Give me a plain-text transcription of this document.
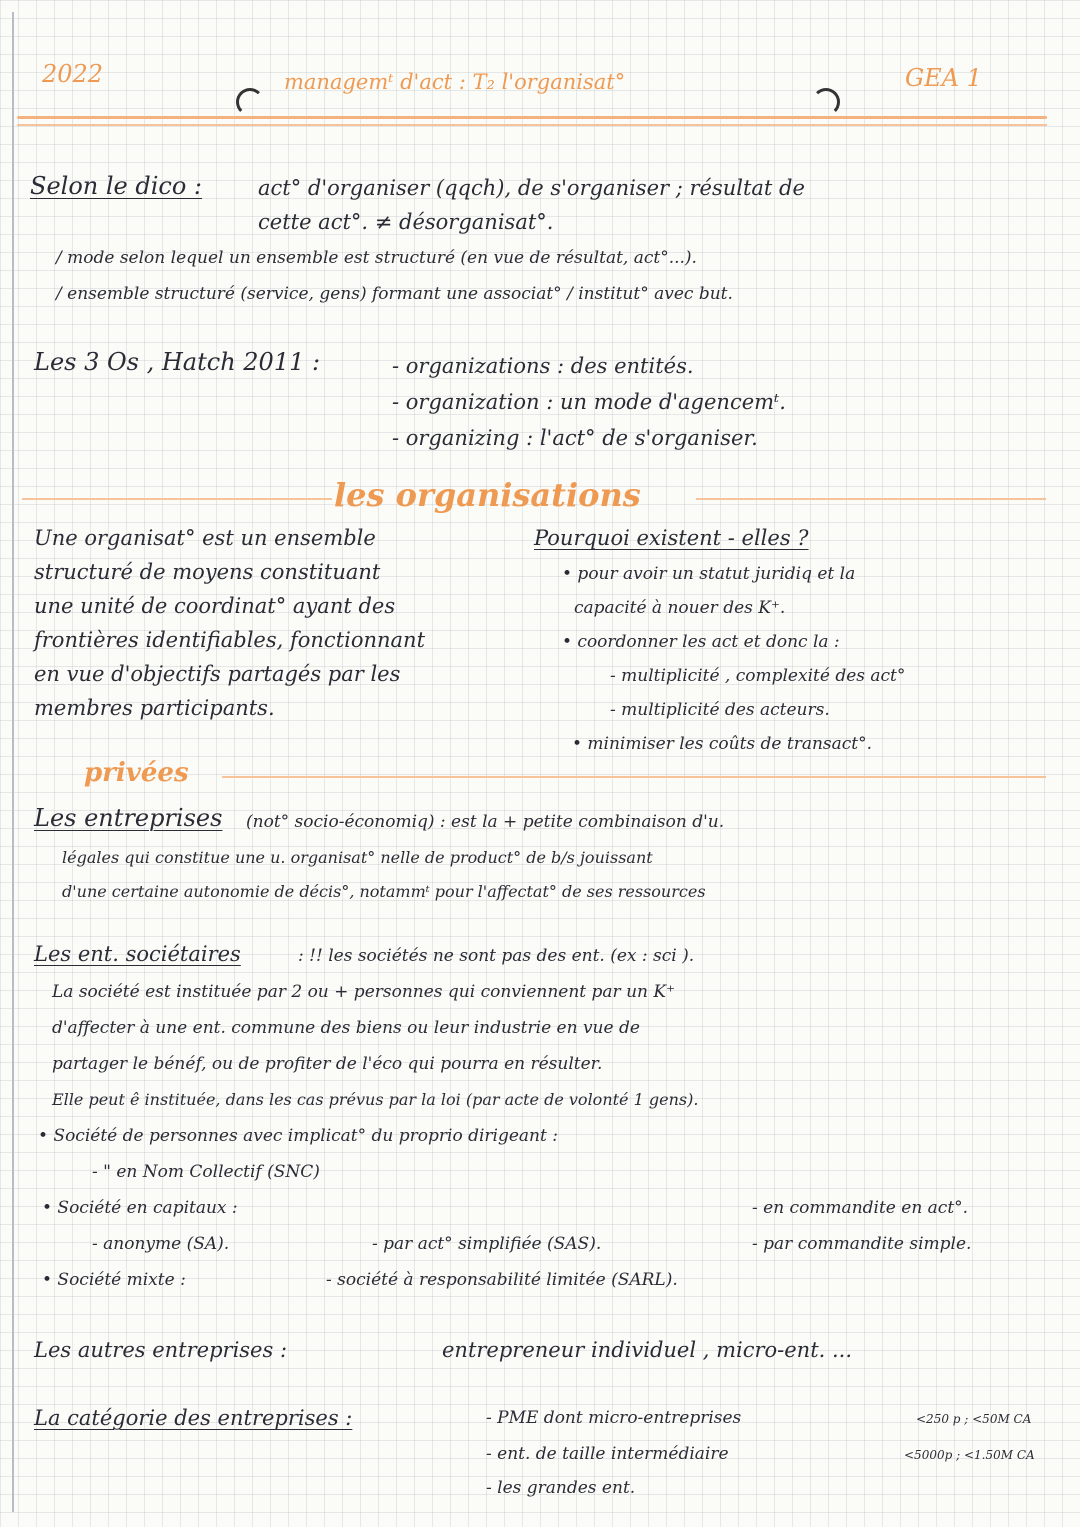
2022	managemᵗ d'act : T₂ l'organisat°	GEA 1
Selon le dico :	act° d'organiser (qqch), de s'organiser ; résultat de
cette act°. ≠ désorganisat°.
/ mode selon lequel un ensemble est structuré (en vue de résultat, act°...).
/ ensemble structuré (service, gens) formant une associat° / institut° avec but.
Les 3 Os , Hatch 2011 :	- organizations : des entités.
- organization : un mode d'agencemᵗ.
- organizing : l'act° de s'organiser.
les organisations
Une organisat° est un ensemble
structuré de moyens constituant
une unité de coordinat° ayant des
frontières identifiables, fonctionnant
en vue d'objectifs partagés par les
membres participants.
Pourquoi existent - elles ?
• pour avoir un statut juridiq et la
capacité à nouer des K⁺.
• coordonner les act et donc la :
- multiplicité , complexité des act°
- multiplicité des acteurs.
• minimiser les coûts de transact°.
privées
Les entreprises (not° socio-économiq) : est la + petite combinaison d'u.
légales qui constitue une u. organisat° nelle de product° de b/s jouissant
d'une certaine autonomie de décis°, notammᵗ pour l'affectat° de ses ressources
Les ent. sociétaires	: !! les sociétés ne sont pas des ent. (ex : sci ).
La société est instituée par 2 ou + personnes qui conviennent par un K⁺
d'affecter à une ent. commune des biens ou leur industrie en vue de
partager le bénéf, ou de profiter de l'éco qui pourra en résulter.
Elle peut ê instituée, dans les cas prévus par la loi (par acte de volonté 1 gens).
• Société de personnes avec implicat° du proprio dirigeant :
- " en Nom Collectif (SNC)
• Société en capitaux :	- en commandite en act°.
- anonyme (SA).	- par act° simplifiée (SAS).	- par commandite simple.
• Société mixte :	- société à responsabilité limitée (SARL).
Les autres entreprises :	entrepreneur individuel , micro-ent. ...
La catégorie des entreprises :	- PME dont micro-entreprises	<250 p ; <50M CA
- ent. de taille intermédiaire	<5000p ; <1.50M CA
- les grandes ent.
